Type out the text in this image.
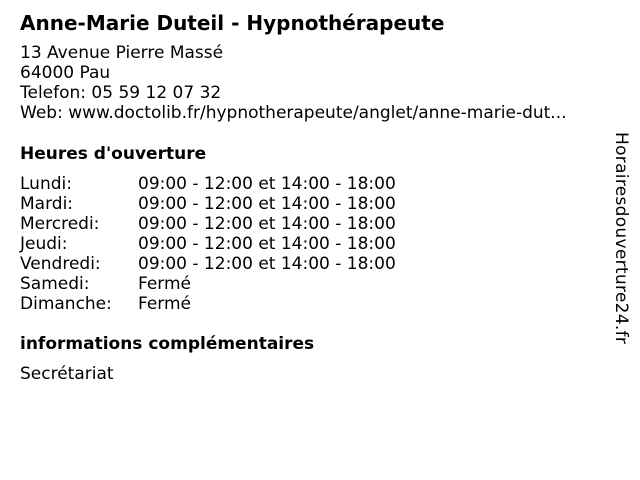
Anne-Marie Duteil - Hypnothérapeute
13 Avenue Pierre Massé
64000 Pau
Telefon: 05 59 12 07 32
Web: www.doctolib.fr/hypnotherapeute/anglet/anne-marie-dut...
Heures d'ouverture
Lundi:	09:00 - 12:00 et 14:00 - 18:00
Mardi:	09:00 - 12:00 et 14:00 - 18:00
Mercredi:	09:00 - 12:00 et 14:00 - 18:00
Jeudi:	09:00 - 12:00 et 14:00 - 18:00
Vendredi:	09:00 - 12:00 et 14:00 - 18:00
Samedi:	Fermé
Dimanche:	Fermé
informations complémentaires
Secrétariat
Horairesdouverture24.fr
